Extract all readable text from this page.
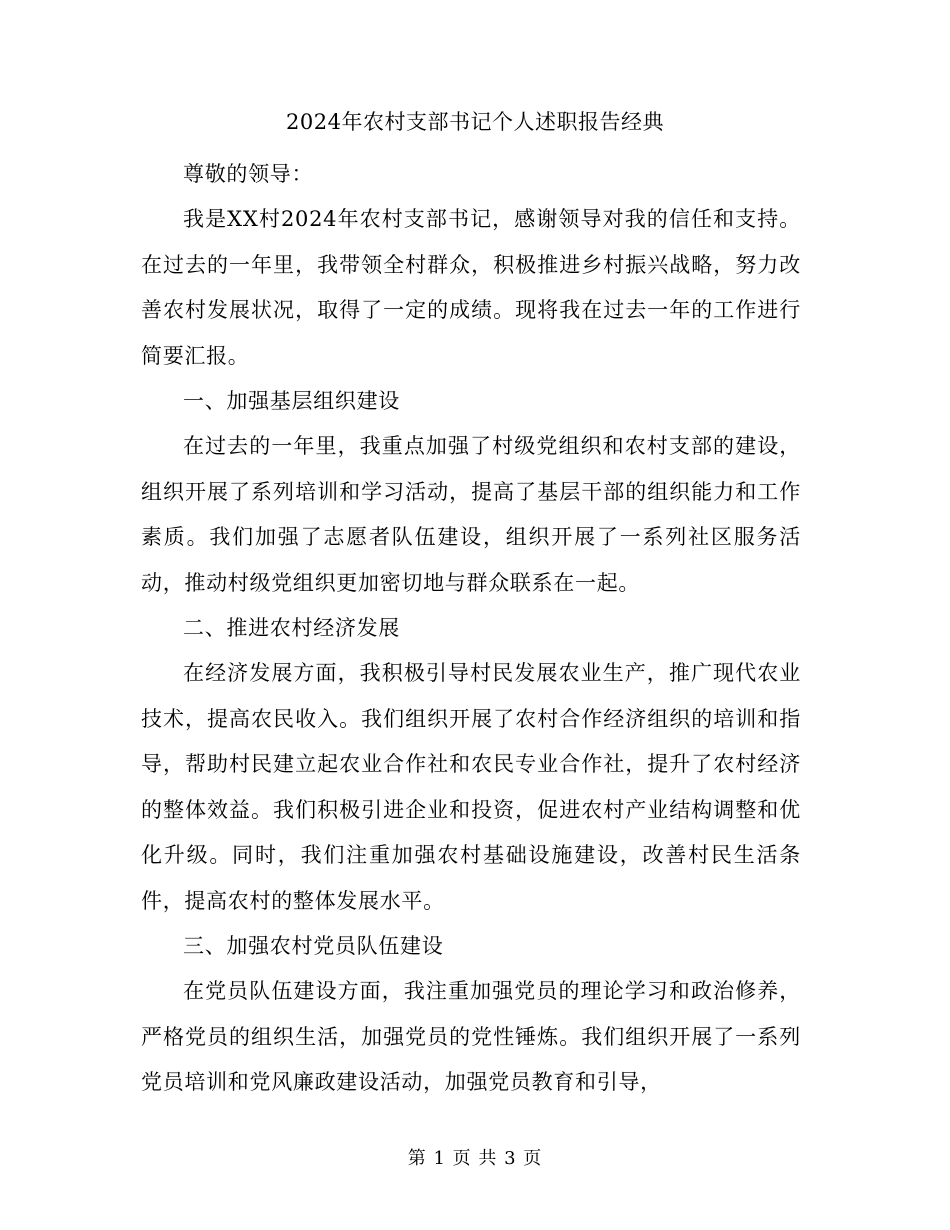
2024年农村支部书记个人述职报告经典

尊敬的领导：

我是XX村2024年农村支部书记，感谢领导对我的信任和支持。在过去的一年里，我带领全村群众，积极推进乡村振兴战略，努力改善农村发展状况，取得了一定的成绩。现将我在过去一年的工作进行简要汇报。

一、加强基层组织建设

在过去的一年里，我重点加强了村级党组织和农村支部的建设，组织开展了系列培训和学习活动，提高了基层干部的组织能力和工作素质。我们加强了志愿者队伍建设，组织开展了一系列社区服务活动，推动村级党组织更加密切地与群众联系在一起。

二、推进农村经济发展

在经济发展方面，我积极引导村民发展农业生产，推广现代农业技术，提高农民收入。我们组织开展了农村合作经济组织的培训和指导，帮助村民建立起农业合作社和农民专业合作社，提升了农村经济的整体效益。我们积极引进企业和投资，促进农村产业结构调整和优化升级。同时，我们注重加强农村基础设施建设，改善村民生活条件，提高农村的整体发展水平。

三、加强农村党员队伍建设

在党员队伍建设方面，我注重加强党员的理论学习和政治修养，严格党员的组织生活，加强党员的党性锤炼。我们组织开展了一系列党员培训和党风廉政建设活动，加强党员教育和引导，

第 1 页 共 3 页
